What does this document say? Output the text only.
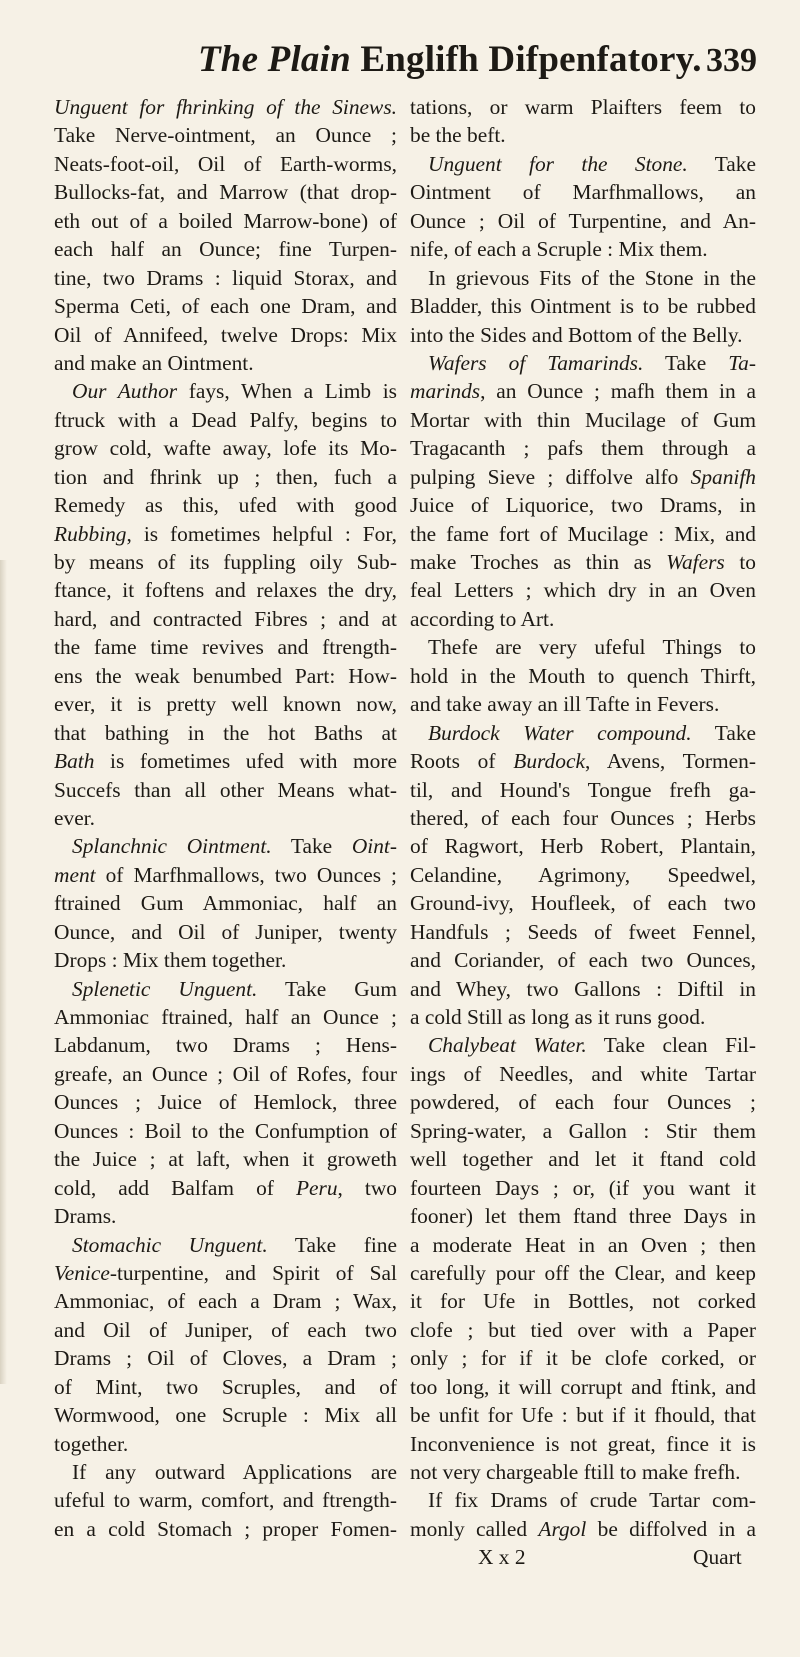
The Plain Englifh Difpenfatory. 339
Unguent for fhrinking of the Sinews.
Take Nerve-ointment, an Ounce ;
Neats-foot-oil, Oil of Earth-worms,
Bullocks-fat, and Marrow (that drop-
eth out of a boiled Marrow-bone) of
each half an Ounce; fine Turpen-
tine, two Drams : liquid Storax, and
Sperma Ceti, of each one Dram, and
Oil of Annifeed, twelve Drops: Mix
and make an Ointment.
Our Author fays, When a Limb is
ftruck with a Dead Palfy, begins to
grow cold, wafte away, lofe its Mo-
tion and fhrink up ; then, fuch a
Remedy as this, ufed with good
Rubbing, is fometimes helpful : For,
by means of its fuppling oily Sub-
ftance, it foftens and relaxes the dry,
hard, and contracted Fibres ; and at
the fame time revives and ftrength-
ens the weak benumbed Part: How-
ever, it is pretty well known now,
that bathing in the hot Baths at
Bath is fometimes ufed with more
Succefs than all other Means what-
ever.
Splanchnic Ointment. Take Oint-
ment of Marfhmallows, two Ounces ;
ftrained Gum Ammoniac, half an
Ounce, and Oil of Juniper, twenty
Drops : Mix them together.
Splenetic Unguent. Take Gum
Ammoniac ftrained, half an Ounce ;
Labdanum, two Drams ; Hens-
greafe, an Ounce ; Oil of Rofes, four
Ounces ; Juice of Hemlock, three
Ounces : Boil to the Confumption of
the Juice ; at laft, when it groweth
cold, add Balfam of Peru, two
Drams.
Stomachic Unguent. Take fine
Venice-turpentine, and Spirit of Sal
Ammoniac, of each a Dram ; Wax,
and Oil of Juniper, of each two
Drams ; Oil of Cloves, a Dram ;
of Mint, two Scruples, and of
Wormwood, one Scruple : Mix all
together.
If any outward Applications are
ufeful to warm, comfort, and ftrength-
en a cold Stomach ; proper Fomen-
tations, or warm Plaifters feem to
be the beft.
Unguent for the Stone. Take
Ointment of Marfhmallows, an
Ounce ; Oil of Turpentine, and An-
nife, of each a Scruple : Mix them.
In grievous Fits of the Stone in the
Bladder, this Ointment is to be rubbed
into the Sides and Bottom of the Belly.
Wafers of Tamarinds. Take Ta-
marinds, an Ounce ; mafh them in a
Mortar with thin Mucilage of Gum
Tragacanth ; pafs them through a
pulping Sieve ; diffolve alfo Spanifh
Juice of Liquorice, two Drams, in
the fame fort of Mucilage : Mix, and
make Troches as thin as Wafers to
feal Letters ; which dry in an Oven
according to Art.
Thefe are very ufeful Things to
hold in the Mouth to quench Thirft,
and take away an ill Tafte in Fevers.
Burdock Water compound. Take
Roots of Burdock, Avens, Tormen-
til, and Hound's Tongue frefh ga-
thered, of each four Ounces ; Herbs
of Ragwort, Herb Robert, Plantain,
Celandine, Agrimony, Speedwel,
Ground-ivy, Houfleek, of each two
Handfuls ; Seeds of fweet Fennel,
and Coriander, of each two Ounces,
and Whey, two Gallons : Diftil in
a cold Still as long as it runs good.
Chalybeat Water. Take clean Fil-
ings of Needles, and white Tartar
powdered, of each four Ounces ;
Spring-water, a Gallon : Stir them
well together and let it ftand cold
fourteen Days ; or, (if you want it
fooner) let them ftand three Days in
a moderate Heat in an Oven ; then
carefully pour off the Clear, and keep
it for Ufe in Bottles, not corked
clofe ; but tied over with a Paper
only ; for if it be clofe corked, or
too long, it will corrupt and ftink, and
be unfit for Ufe : but if it fhould, that
Inconvenience is not great, fince it is
not very chargeable ftill to make frefh.
If fix Drams of crude Tartar com-
monly called Argol be diffolved in a

X x 2

	Quart
